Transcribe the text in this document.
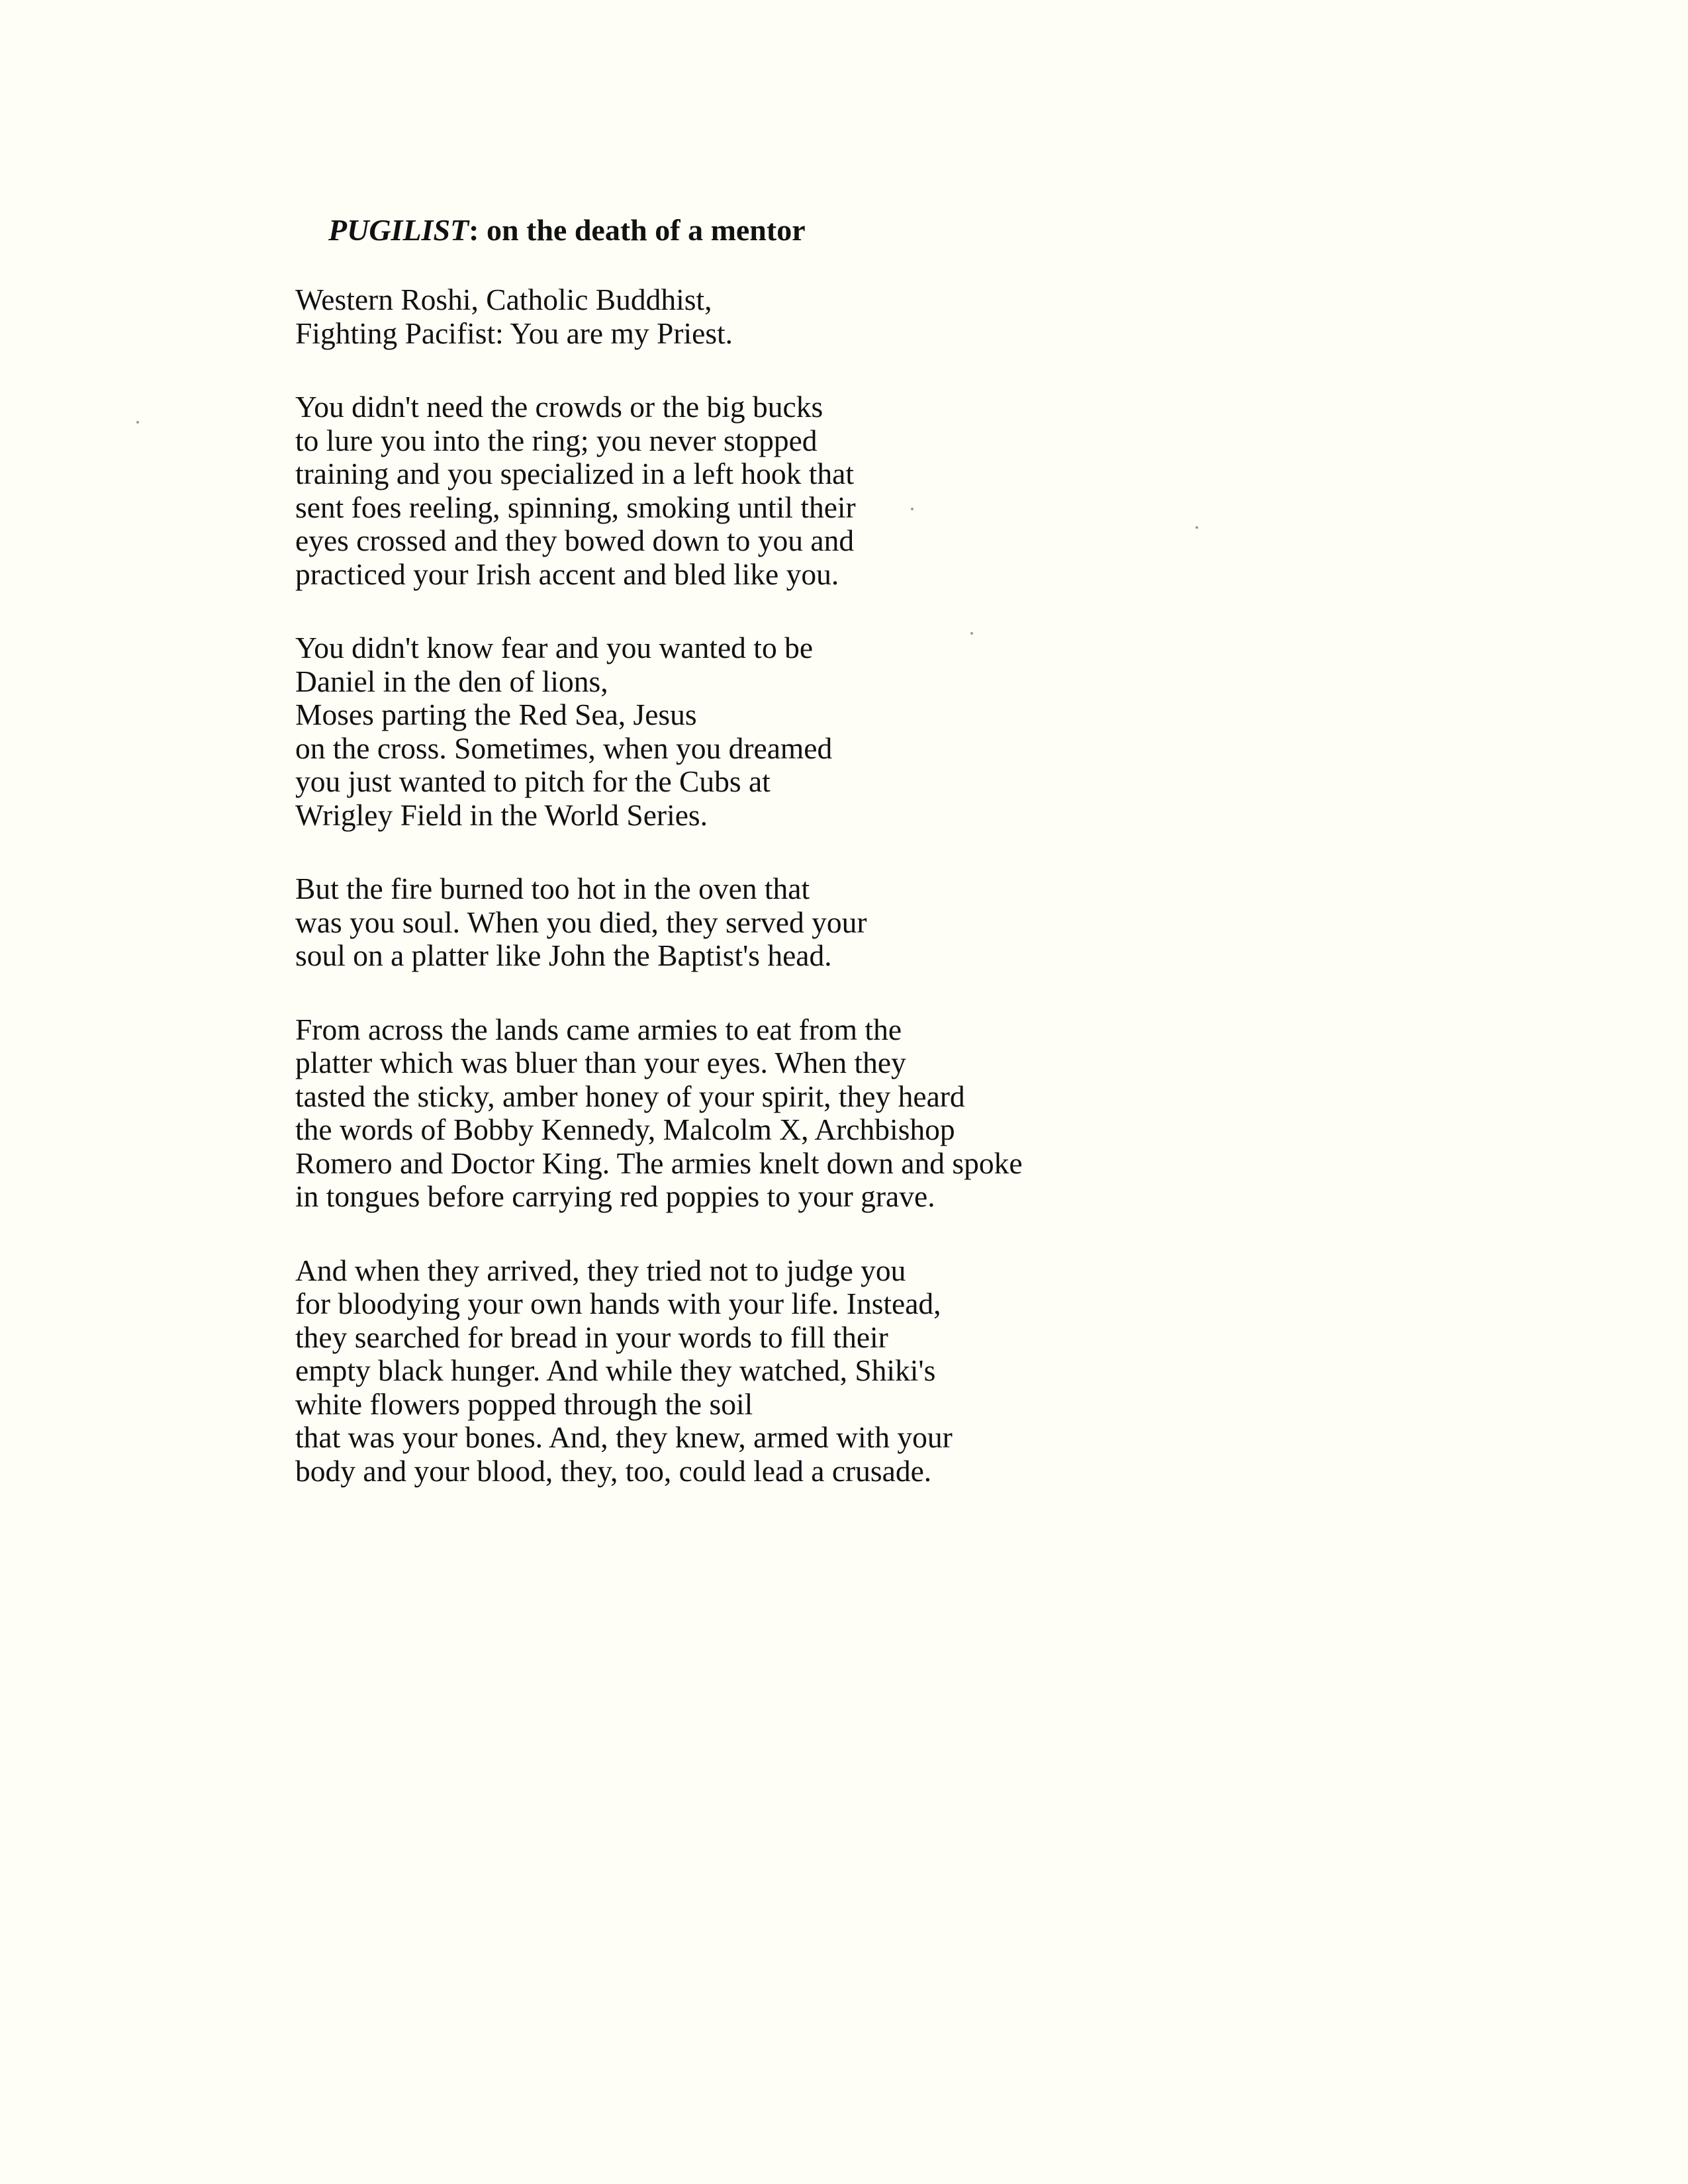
PUGILIST: on the death of a mentor
Western Roshi, Catholic Buddhist,
Fighting Pacifist: You are my Priest.
You didn't need the crowds or the big bucks
to lure you into the ring; you never stopped
training and you specialized in a left hook that
sent foes reeling, spinning, smoking until their
eyes crossed and they bowed down to you and
practiced your Irish accent and bled like you.
You didn't know fear and you wanted to be
Daniel in the den of lions,
Moses parting the Red Sea, Jesus
on the cross. Sometimes, when you dreamed
you just wanted to pitch for the Cubs at
Wrigley Field in the World Series.
But the fire burned too hot in the oven that
was you soul. When you died, they served your
soul on a platter like John the Baptist's head.
From across the lands came armies to eat from the
platter which was bluer than your eyes. When they
tasted the sticky, amber honey of your spirit, they heard
the words of Bobby Kennedy, Malcolm X, Archbishop
Romero and Doctor King. The armies knelt down and spoke
in tongues before carrying red poppies to your grave.
And when they arrived, they tried not to judge you
for bloodying your own hands with your life. Instead,
they searched for bread in your words to fill their
empty black hunger. And while they watched, Shiki's
white flowers popped through the soil
that was your bones. And, they knew, armed with your
body and your blood, they, too, could lead a crusade.
